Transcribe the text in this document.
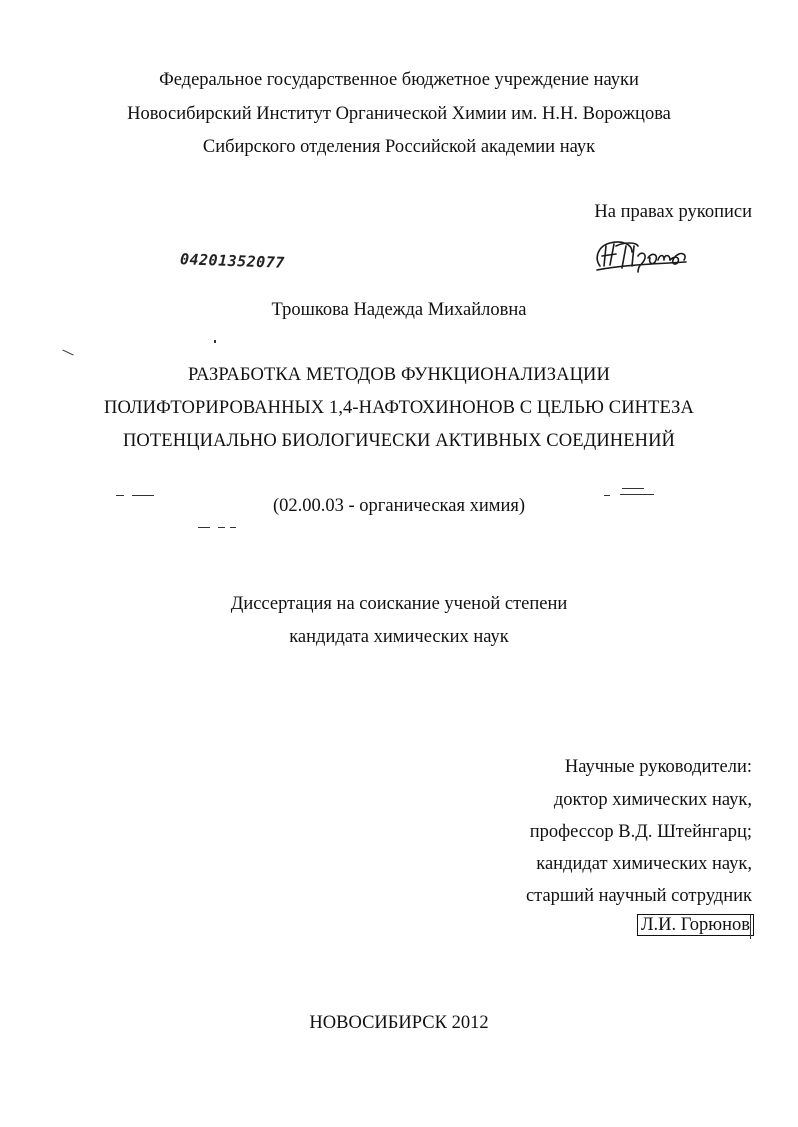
Федеральное государственное бюджетное учреждение науки
Новосибирский Институт Органической Химии им. Н.Н. Ворожцова
Сибирского отделения Российской академии наук
На правах рукописи
04201352077
Трошкова Надежда Михайловна
РАЗРАБОТКА МЕТОДОВ ФУНКЦИОНАЛИЗАЦИИ
ПОЛИФТОРИРОВАННЫХ 1,4-НАФТОХИНОНОВ С ЦЕЛЬЮ СИНТЕЗА
ПОТЕНЦИАЛЬНО БИОЛОГИЧЕСКИ АКТИВНЫХ СОЕДИНЕНИЙ
(02.00.03 - органическая химия)
Диссертация на соискание ученой степени
кандидата химических наук
Научные руководители:
доктор химических наук,
профессор В.Д. Штейнгарц;
кандидат химических наук,
старший научный сотрудник
Л.И. Горюнов
НОВОСИБИРСК 2012
